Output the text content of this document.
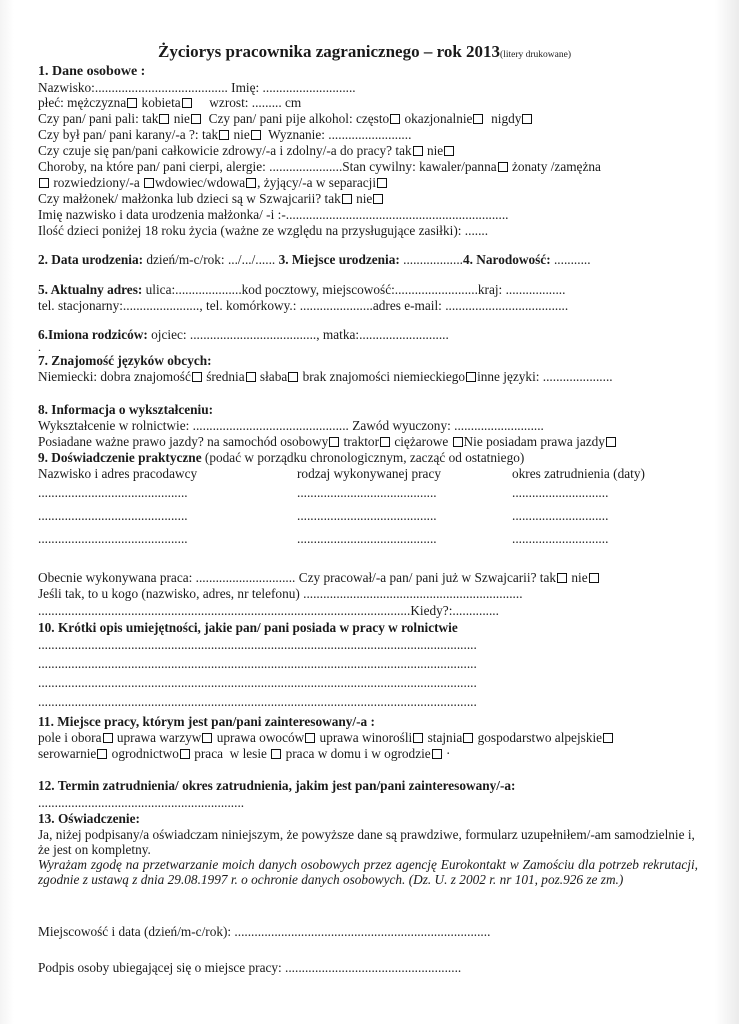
Życiorys pracownika zagranicznego – rok 2013(litery drukowane)
1. Dane osobowe :
Nazwisko:........................................ Imię: ............................
płeć: mężczyzna kobieta     wzrost: ......... cm
Czy pan/ pani pali: tak nie  Czy pan/ pani pije alkohol: często okazjonalnie  nigdy
Czy był pan/ pani karany/-a ?: tak nie  Wyznanie: .........................
Czy czuje się pan/pani całkowicie zdrowy/-a i zdolny/-a do pracy? tak nie
Choroby, na które pan/ pani cierpi, alergie: ......................Stan cywilny: kawaler/panna żonaty /zamężna
rozwiedziony/-a wdowiec/wdowa , żyjący/-a w separacji
Czy małżonek/ małżonka lub dzieci są w Szwajcarii? tak nie
Imię nazwisko i data urodzenia małżonka/ -i :-...................................................................
Ilość dzieci poniżej 18 roku życia (ważne ze względu na przysługujące zasiłki): .......
2. Data urodzenia: dzień/m-c/rok: .../.../...... 3. Miejsce urodzenia: ..................4. Narodowość: ...........
5. Aktualny adres: ulica:....................kod pocztowy, miejscowość:.........................kraj: ..................
tel. stacjonarny:......................., tel. komórkowy.: ......................adres e-mail: .....................................
6.Imiona rodziców: ojciec: ......................................, matka:...........................
.
7. Znajomość języków obcych:
Niemiecki: dobra znajomość średnia słaba brak znajomości niemieckiego inne języki: .....................
8. Informacja o wykształceniu:
Wykształcenie w rolnictwie: ............................................... Zawód wyuczony: ...........................
Posiadane ważne prawo jazdy? na samochód osobowy traktor ciężarowe Nie posiadam prawa jazdy
9. Doświadczenie praktyczne (podać w porządku chronologicznym, zacząć od ostatniego)
Nazwisko i adres pracodawcy	rodzaj wykonywanej pracy	okres zatrudnienia (daty)
.............................................	..........................................	.............................
.............................................	..........................................	.............................
.............................................	..........................................	.............................
Obecnie wykonywana praca: .............................. Czy pracował/-a pan/ pani już w Szwajcarii? tak nie
Jeśli tak, to u kogo (nazwisko, adres, nr telefonu) ..................................................................
................................................................................................................Kiedy?:..............
10. Krótki opis umiejętności, jakie pan/ pani posiada w pracy w rolnictwie
....................................................................................................................................
....................................................................................................................................
....................................................................................................................................
....................................................................................................................................
11. Miejsce pracy, którym jest pan/pani zainteresowany/-a :
pole i obora uprawa warzyw uprawa owoców uprawa winorośli stajnia gospodarstwo alpejskie
serowarnie ogrodnictwo praca  w lesie  praca w domu i w ogrodzie ·
12. Termin zatrudnienia/ okres zatrudnienia, jakim jest pan/pani zainteresowany/-a:
..............................................................
13. Oświadczenie:
Ja, niżej podpisany/a oświadczam niniejszym, że powyższe dane są prawdziwe, formularz uzupełniłem/-am samodzielnie i, że jest on kompletny.
Wyrażam zgodę na przetwarzanie moich danych osobowych przez agencję Eurokontakt w Zamościu dla potrzeb rekrutacji, zgodnie z ustawą z dnia 29.08.1997 r. o ochronie danych osobowych. (Dz. U. z 2002 r. nr 101, poz.926 ze zm.)
Miejscowość i data (dzień/m-c/rok): .............................................................................
Podpis osoby ubiegającej się o miejsce pracy: .....................................................
